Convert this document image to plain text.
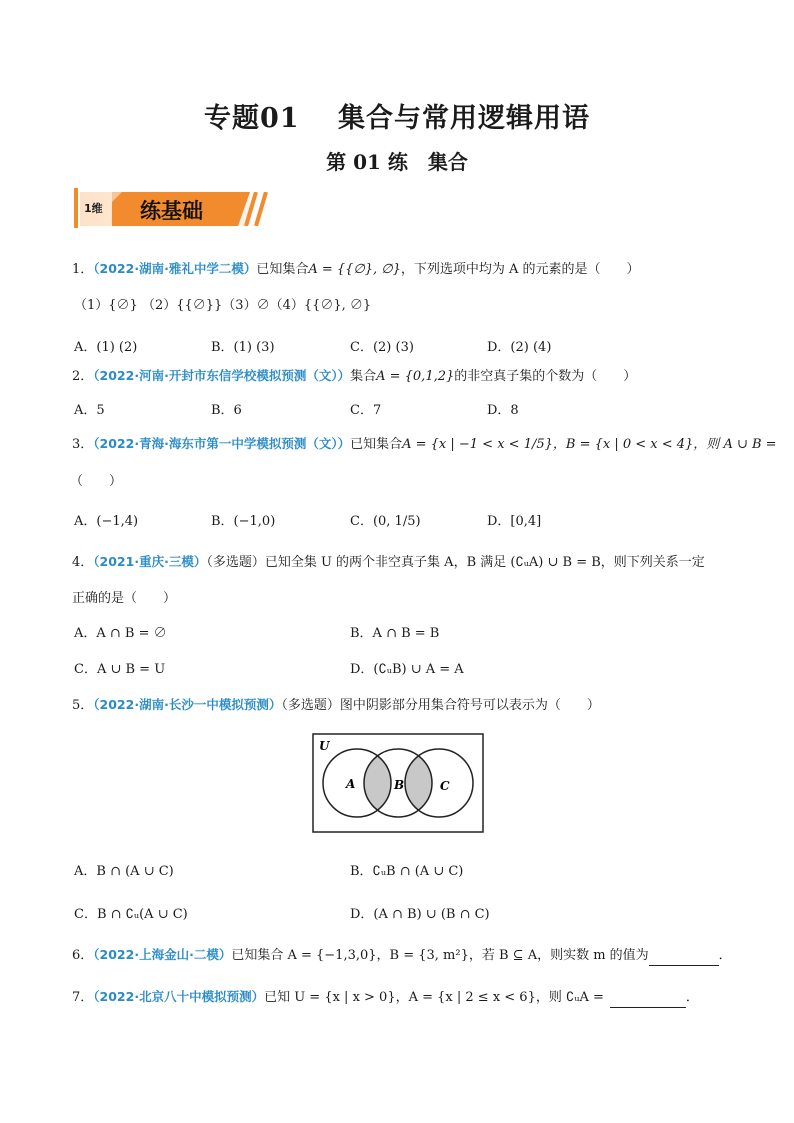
专题01　 集合与常用逻辑用语
第 01 练　集合
1维 练基础
1．（2022·湖南·雅礼中学二模）已知集合A = {{∅}, ∅}，下列选项中均为 A 的元素的是（　　）
（1）{∅} （2）{{∅}}（3）∅（4）{{∅}, ∅}
A．(1) (2)	B．(1) (3)	C．(2) (3)	D．(2) (4)
2．（2022·河南·开封市东信学校模拟预测（文））集合A = {0,1,2}的非空真子集的个数为（　　）
A．5	B．6	C．7	D．8
3．（2022·青海·海东市第一中学模拟预测（文））已知集合A = {x | −1 < x < 1/5}，B = {x | 0 < x < 4}，则 A ∪ B =
（　　）
A．(−1,4)	B．(−1,0)	C．(0, 1/5)	D．[0,4]
4．（2021·重庆·三模）（多选题）已知全集 U 的两个非空真子集 A，B 满足 (∁ᵤA) ∪ B = B，则下列关系一定
正确的是（　　）
A．A ∩ B = ∅	B．A ∩ B = B
C．A ∪ B = U	D．(∁ᵤB) ∪ A = A
5．（2022·湖南·长沙一中模拟预测）（多选题）图中阴影部分用集合符号可以表示为（　　）
U
A	B	C
A．B ∩ (A ∪ C)	B．∁ᵤB ∩ (A ∪ C)
C．B ∩ ∁ᵤ(A ∪ C)	D．(A ∩ B) ∪ (B ∩ C)
6．（2022·上海金山·二模）已知集合 A = {−1,3,0}，B = {3, m²}，若 B ⊆ A，则实数 m 的值为	．
7．（2022·北京八十中模拟预测）已知 U = {x | x > 0}，A = {x | 2 ≤ x < 6}，则 ∁ᵤA =	．
